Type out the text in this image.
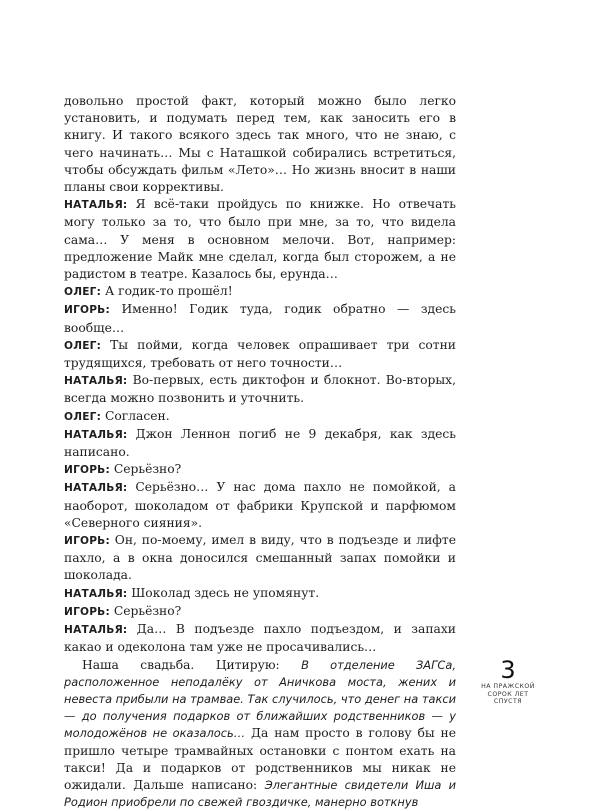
довольно простой факт, который можно было легко установить, и подумать перед тем, как заносить его в книгу. И такого всякого здесь так много, что не знаю, с чего начинать… Мы с Наташкой собирались встретиться, чтобы обсуждать фильм «Лето»… Но жизнь вносит в наши планы свои коррективы.

НАТАЛЬЯ: Я всё-таки пройдусь по книжке. Но отвечать могу только за то, что было при мне, за то, что видела сама… У меня в основном мелочи. Вот, например: предложение Майк мне сделал, когда был сторожем, а не радистом в театре. Казалось бы, ерунда…

ОЛЕГ: А годик-то прошёл!

ИГОРЬ: Именно! Годик туда, годик обратно — здесь вообще…

ОЛЕГ: Ты пойми, когда человек опрашивает три сотни трудящихся, требовать от него точности…

НАТАЛЬЯ: Во-первых, есть диктофон и блокнот. Во-вторых, всегда можно позвонить и уточнить.

ОЛЕГ: Согласен.

НАТАЛЬЯ: Джон Леннон погиб не 9 декабря, как здесь написано.

ИГОРЬ: Серьёзно?

НАТАЛЬЯ: Серьёзно… У нас дома пахло не помойкой, а наоборот, шоколадом от фабрики Крупской и парфюмом «Северного сияния».

ИГОРЬ: Он, по-моему, имел в виду, что в подъезде и лифте пахло, а в окна доносился смешанный запах помойки и шоколада.

НАТАЛЬЯ: Шоколад здесь не упомянут.

ИГОРЬ: Серьёзно?

НАТАЛЬЯ: Да… В подъезде пахло подъездом, и запахи какао и одеколона там уже не просачивались…

Наша свадьба. Цитирую: В отделение ЗАГСа, расположенное неподалёку от Аничкова моста, жених и невеста прибыли на трамвае. Так случилось, что денег на такси — до получения подарков от ближайших родственников — у молодожёнов не оказалось… Да нам просто в голову бы не пришло четыре трамвайных остановки с понтом ехать на такси! Да и подарков от родственников мы никак не ожидали. Дальше написано: Элегантные свидетели Иша и Родион приобрели по свежей гвоздичке, манерно воткнув

3
НА ПРАЖСКОЙ СОРОК ЛЕТ СПУСТЯ
